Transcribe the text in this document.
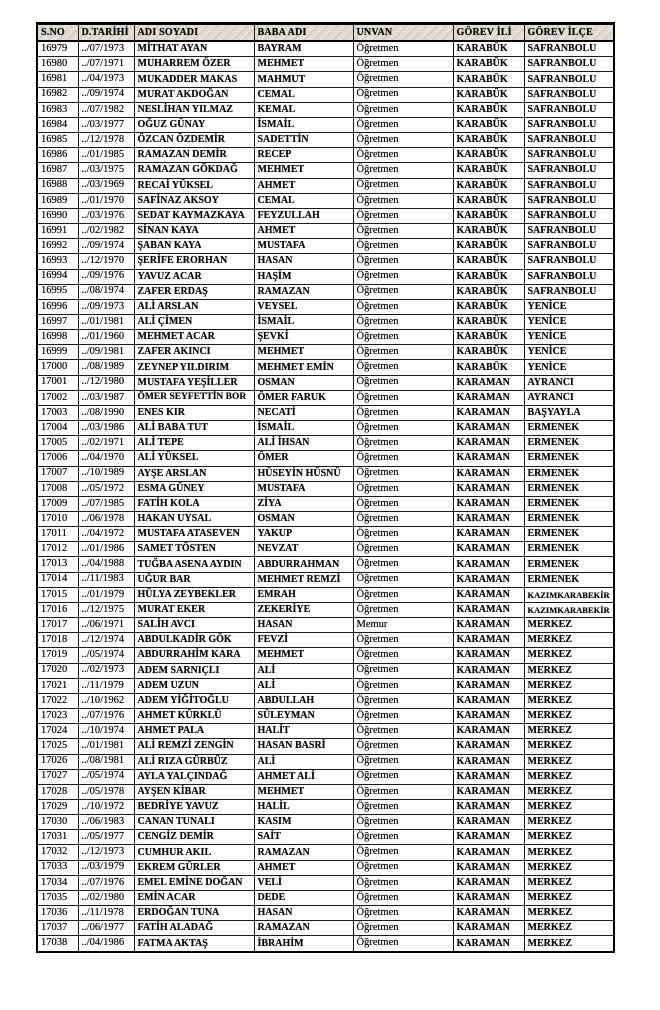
S.NO	D.TARİHİ	ADI SOYADI	BABA ADI	UNVAN	GÖREV İLİ	GÖREV İLÇE
16979	../07/1973	MİTHAT AYAN	BAYRAM	Öğretmen	KARABÜK	SAFRANBOLU
16980	../07/1971	MUHARREM ÖZER	MEHMET	Öğretmen	KARABÜK	SAFRANBOLU
16981	../04/1973	MUKADDER MAKAS	MAHMUT	Öğretmen	KARABÜK	SAFRANBOLU
16982	../09/1974	MURAT AKDOĞAN	CEMAL	Öğretmen	KARABÜK	SAFRANBOLU
16983	../07/1982	NESLİHAN YILMAZ	KEMAL	Öğretmen	KARABÜK	SAFRANBOLU
16984	../03/1977	OĞUZ GÜNAY	İSMAİL	Öğretmen	KARABÜK	SAFRANBOLU
16985	../12/1978	ÖZCAN ÖZDEMİR	SADETTİN	Öğretmen	KARABÜK	SAFRANBOLU
16986	../01/1985	RAMAZAN DEMİR	RECEP	Öğretmen	KARABÜK	SAFRANBOLU
16987	../03/1975	RAMAZAN GÖKDAĞ	MEHMET	Öğretmen	KARABÜK	SAFRANBOLU
16988	../03/1969	RECAİ YÜKSEL	AHMET	Öğretmen	KARABÜK	SAFRANBOLU
16989	../01/1970	SAFİNAZ AKSOY	CEMAL	Öğretmen	KARABÜK	SAFRANBOLU
16990	../03/1976	SEDAT KAYMAZKAYA	FEYZULLAH	Öğretmen	KARABÜK	SAFRANBOLU
16991	../02/1982	SİNAN KAYA	AHMET	Öğretmen	KARABÜK	SAFRANBOLU
16992	../09/1974	ŞABAN KAYA	MUSTAFA	Öğretmen	KARABÜK	SAFRANBOLU
16993	../12/1970	ŞERİFE ERORHAN	HASAN	Öğretmen	KARABÜK	SAFRANBOLU
16994	../09/1976	YAVUZ ACAR	HAŞİM	Öğretmen	KARABÜK	SAFRANBOLU
16995	../08/1974	ZAFER ERDAŞ	RAMAZAN	Öğretmen	KARABÜK	SAFRANBOLU
16996	../09/1973	ALİ ARSLAN	VEYSEL	Öğretmen	KARABÜK	YENİCE
16997	../01/1981	ALİ ÇİMEN	İSMAİL	Öğretmen	KARABÜK	YENİCE
16998	../01/1960	MEHMET ACAR	ŞEVKİ	Öğretmen	KARABÜK	YENİCE
16999	../09/1981	ZAFER AKINCI	MEHMET	Öğretmen	KARABÜK	YENİCE
17000	../08/1989	ZEYNEP YILDIRIM	MEHMET EMİN	Öğretmen	KARABÜK	YENİCE
17001	../12/1980	MUSTAFA YEŞİLLER	OSMAN	Öğretmen	KARAMAN	AYRANCI
17002	../03/1987	ÖMER SEYFETTİN BOR	ÖMER FARUK	Öğretmen	KARAMAN	AYRANCI
17003	../08/1990	ENES KIR	NECATİ	Öğretmen	KARAMAN	BAŞYAYLA
17004	../03/1986	ALİ BABA TUT	İSMAİL	Öğretmen	KARAMAN	ERMENEK
17005	../02/1971	ALİ TEPE	ALİ İHSAN	Öğretmen	KARAMAN	ERMENEK
17006	../04/1970	ALİ YÜKSEL	ÖMER	Öğretmen	KARAMAN	ERMENEK
17007	../10/1989	AYŞE ARSLAN	HÜSEYİN HÜSNÜ	Öğretmen	KARAMAN	ERMENEK
17008	../05/1972	ESMA GÜNEY	MUSTAFA	Öğretmen	KARAMAN	ERMENEK
17009	../07/1985	FATİH KOLA	ZİYA	Öğretmen	KARAMAN	ERMENEK
17010	../06/1978	HAKAN UYSAL	OSMAN	Öğretmen	KARAMAN	ERMENEK
17011	../04/1972	MUSTAFA ATASEVEN	YAKUP	Öğretmen	KARAMAN	ERMENEK
17012	../01/1986	SAMET TÖSTEN	NEVZAT	Öğretmen	KARAMAN	ERMENEK
17013	../04/1988	TUĞBA ASENA AYDIN	ABDURRAHMAN	Öğretmen	KARAMAN	ERMENEK
17014	../11/1983	UĞUR BAR	MEHMET REMZİ	Öğretmen	KARAMAN	ERMENEK
17015	../01/1979	HÜLYA ZEYBEKLER	EMRAH	Öğretmen	KARAMAN	KAZIMKARABEKİR
17016	../12/1975	MURAT EKER	ZEKERİYE	Öğretmen	KARAMAN	KAZIMKARABEKİR
17017	../06/1971	SALİH AVCI	HASAN	Memur	KARAMAN	MERKEZ
17018	../12/1974	ABDULKADİR GÖK	FEVZİ	Öğretmen	KARAMAN	MERKEZ
17019	../05/1974	ABDURRAHİM KARA	MEHMET	Öğretmen	KARAMAN	MERKEZ
17020	../02/1973	ADEM SARNIÇLI	ALİ	Öğretmen	KARAMAN	MERKEZ
17021	../11/1979	ADEM UZUN	ALİ	Öğretmen	KARAMAN	MERKEZ
17022	../10/1962	ADEM YİĞİTOĞLU	ABDULLAH	Öğretmen	KARAMAN	MERKEZ
17023	../07/1976	AHMET KÜRKLÜ	SÜLEYMAN	Öğretmen	KARAMAN	MERKEZ
17024	../10/1974	AHMET PALA	HALİT	Öğretmen	KARAMAN	MERKEZ
17025	../01/1981	ALİ REMZİ ZENGİN	HASAN BASRİ	Öğretmen	KARAMAN	MERKEZ
17026	../08/1981	ALİ RIZA GÜRBÜZ	ALİ	Öğretmen	KARAMAN	MERKEZ
17027	../05/1974	AYLA YALÇINDAĞ	AHMET ALİ	Öğretmen	KARAMAN	MERKEZ
17028	../05/1978	AYŞEN KİBAR	MEHMET	Öğretmen	KARAMAN	MERKEZ
17029	../10/1972	BEDRİYE YAVUZ	HALİL	Öğretmen	KARAMAN	MERKEZ
17030	../06/1983	CANAN TUNALI	KASIM	Öğretmen	KARAMAN	MERKEZ
17031	../05/1977	CENGİZ DEMİR	SAİT	Öğretmen	KARAMAN	MERKEZ
17032	../12/1973	CUMHUR AKIL	RAMAZAN	Öğretmen	KARAMAN	MERKEZ
17033	../03/1979	EKREM GÜRLER	AHMET	Öğretmen	KARAMAN	MERKEZ
17034	../07/1976	EMEL EMİNE DOĞAN	VELİ	Öğretmen	KARAMAN	MERKEZ
17035	../02/1980	EMİN ACAR	DEDE	Öğretmen	KARAMAN	MERKEZ
17036	../11/1978	ERDOĞAN TUNA	HASAN	Öğretmen	KARAMAN	MERKEZ
17037	../06/1977	FATİH ALADAĞ	RAMAZAN	Öğretmen	KARAMAN	MERKEZ
17038	../04/1986	FATMA AKTAŞ	İBRAHİM	Öğretmen	KARAMAN	MERKEZ
